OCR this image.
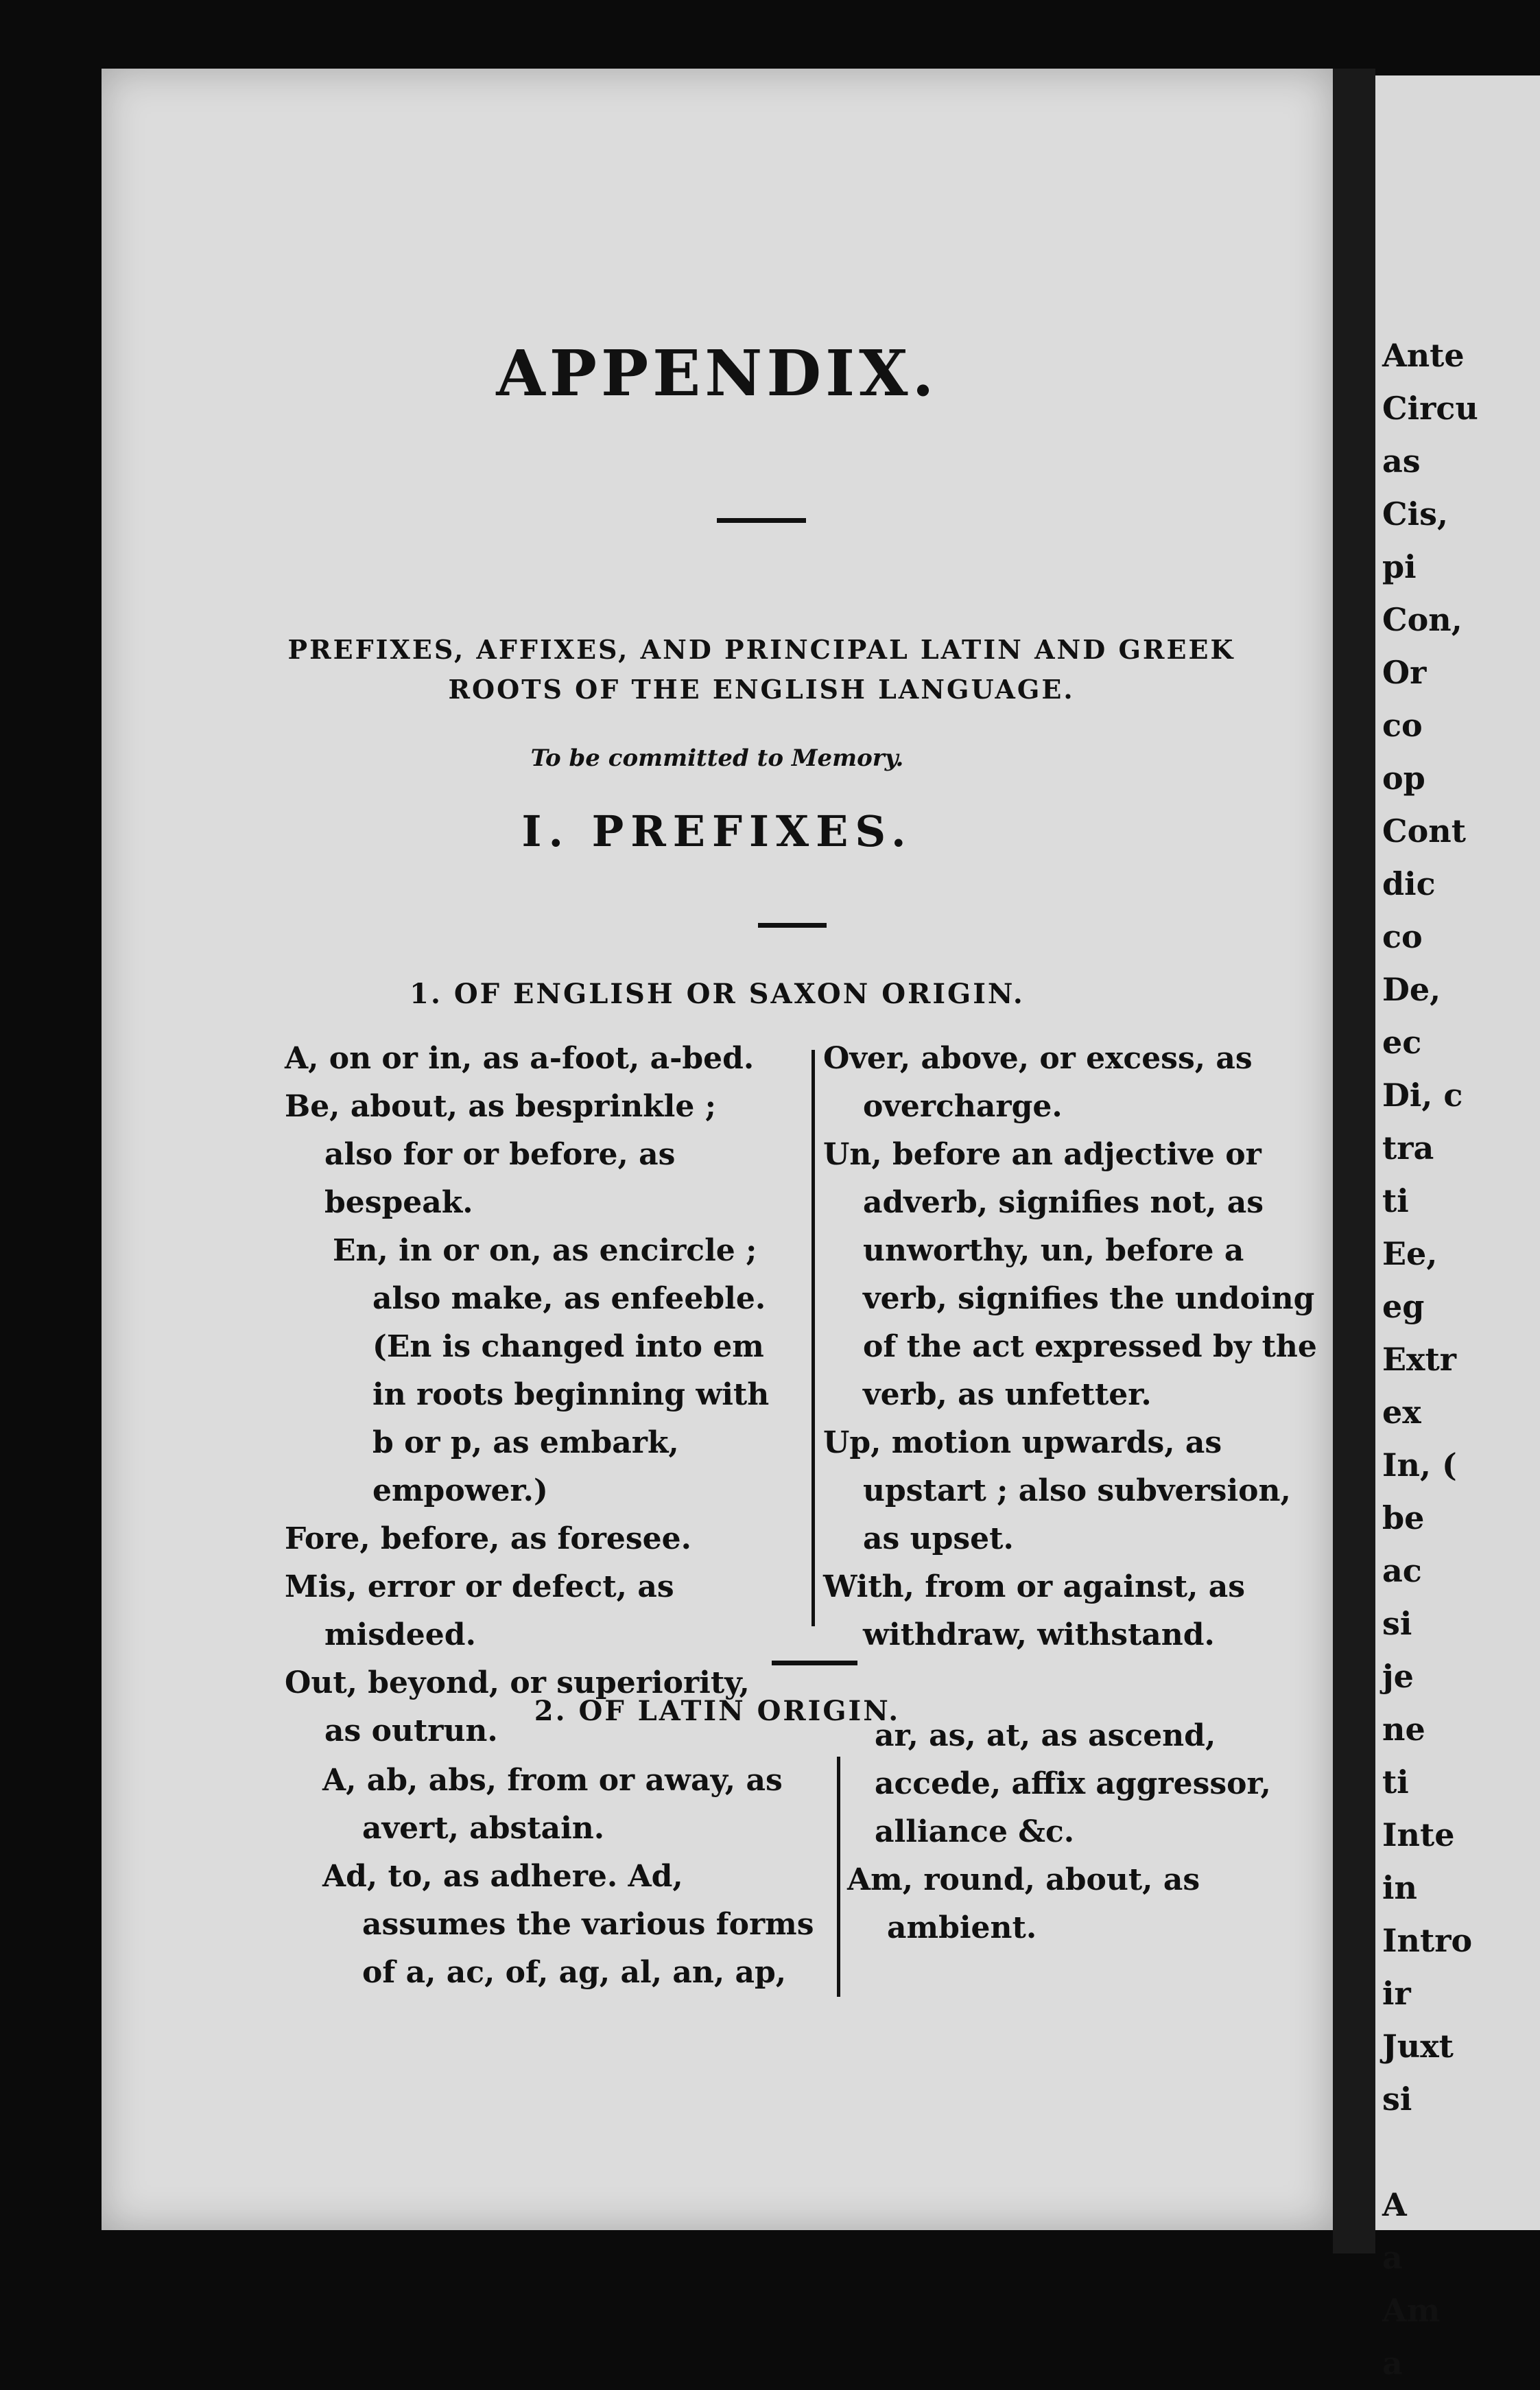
Ante
Circu
as
Cis,
pi
Con,
Or
co
op
Cont
dic
co
De,
ec
Di, c
tra
ti
Ee,
eg
Extr
ex
In, (
be
ac
si
je
ne
ti
Inte
in
Intro
ir
Juxt
si
A
a
Am
a
APPENDIX.
PREFIXES, AFFIXES, AND PRINCIPAL LATIN AND GREEK
ROOTS OF THE ENGLISH LANGUAGE.
To be committed to Memory.
I. PREFIXES.
1. OF ENGLISH OR SAXON ORIGIN.

A, on or in, as a-foot, a-bed.

Be, about, as besprinkle ; also for or before, as bespeak.

En, in or on, as encircle ; also make, as enfeeble. (En is changed into em in roots beginning with b or p, as embark, empower.)

Fore, before, as foresee.

Mis, error or defect, as misdeed.

Out, beyond, or superiority, as outrun.

Over, above, or excess, as overcharge.

Un, before an adjective or adverb, signifies not, as unworthy, un, before a verb, signifies the undoing of the act expressed by the verb, as unfetter.

Up, motion upwards, as upstart ; also subversion, as upset.

With, from or against, as withdraw, withstand.

2. OF LATIN ORIGIN.

A, ab, abs, from or away, as avert, abstain.

Ad, to, as adhere. Ad, assumes the various forms of a, ac, of, ag, al, an, ap,

ar, as, at, as ascend, accede, affix aggressor, alliance &c.

Am, round, about, as ambient.
